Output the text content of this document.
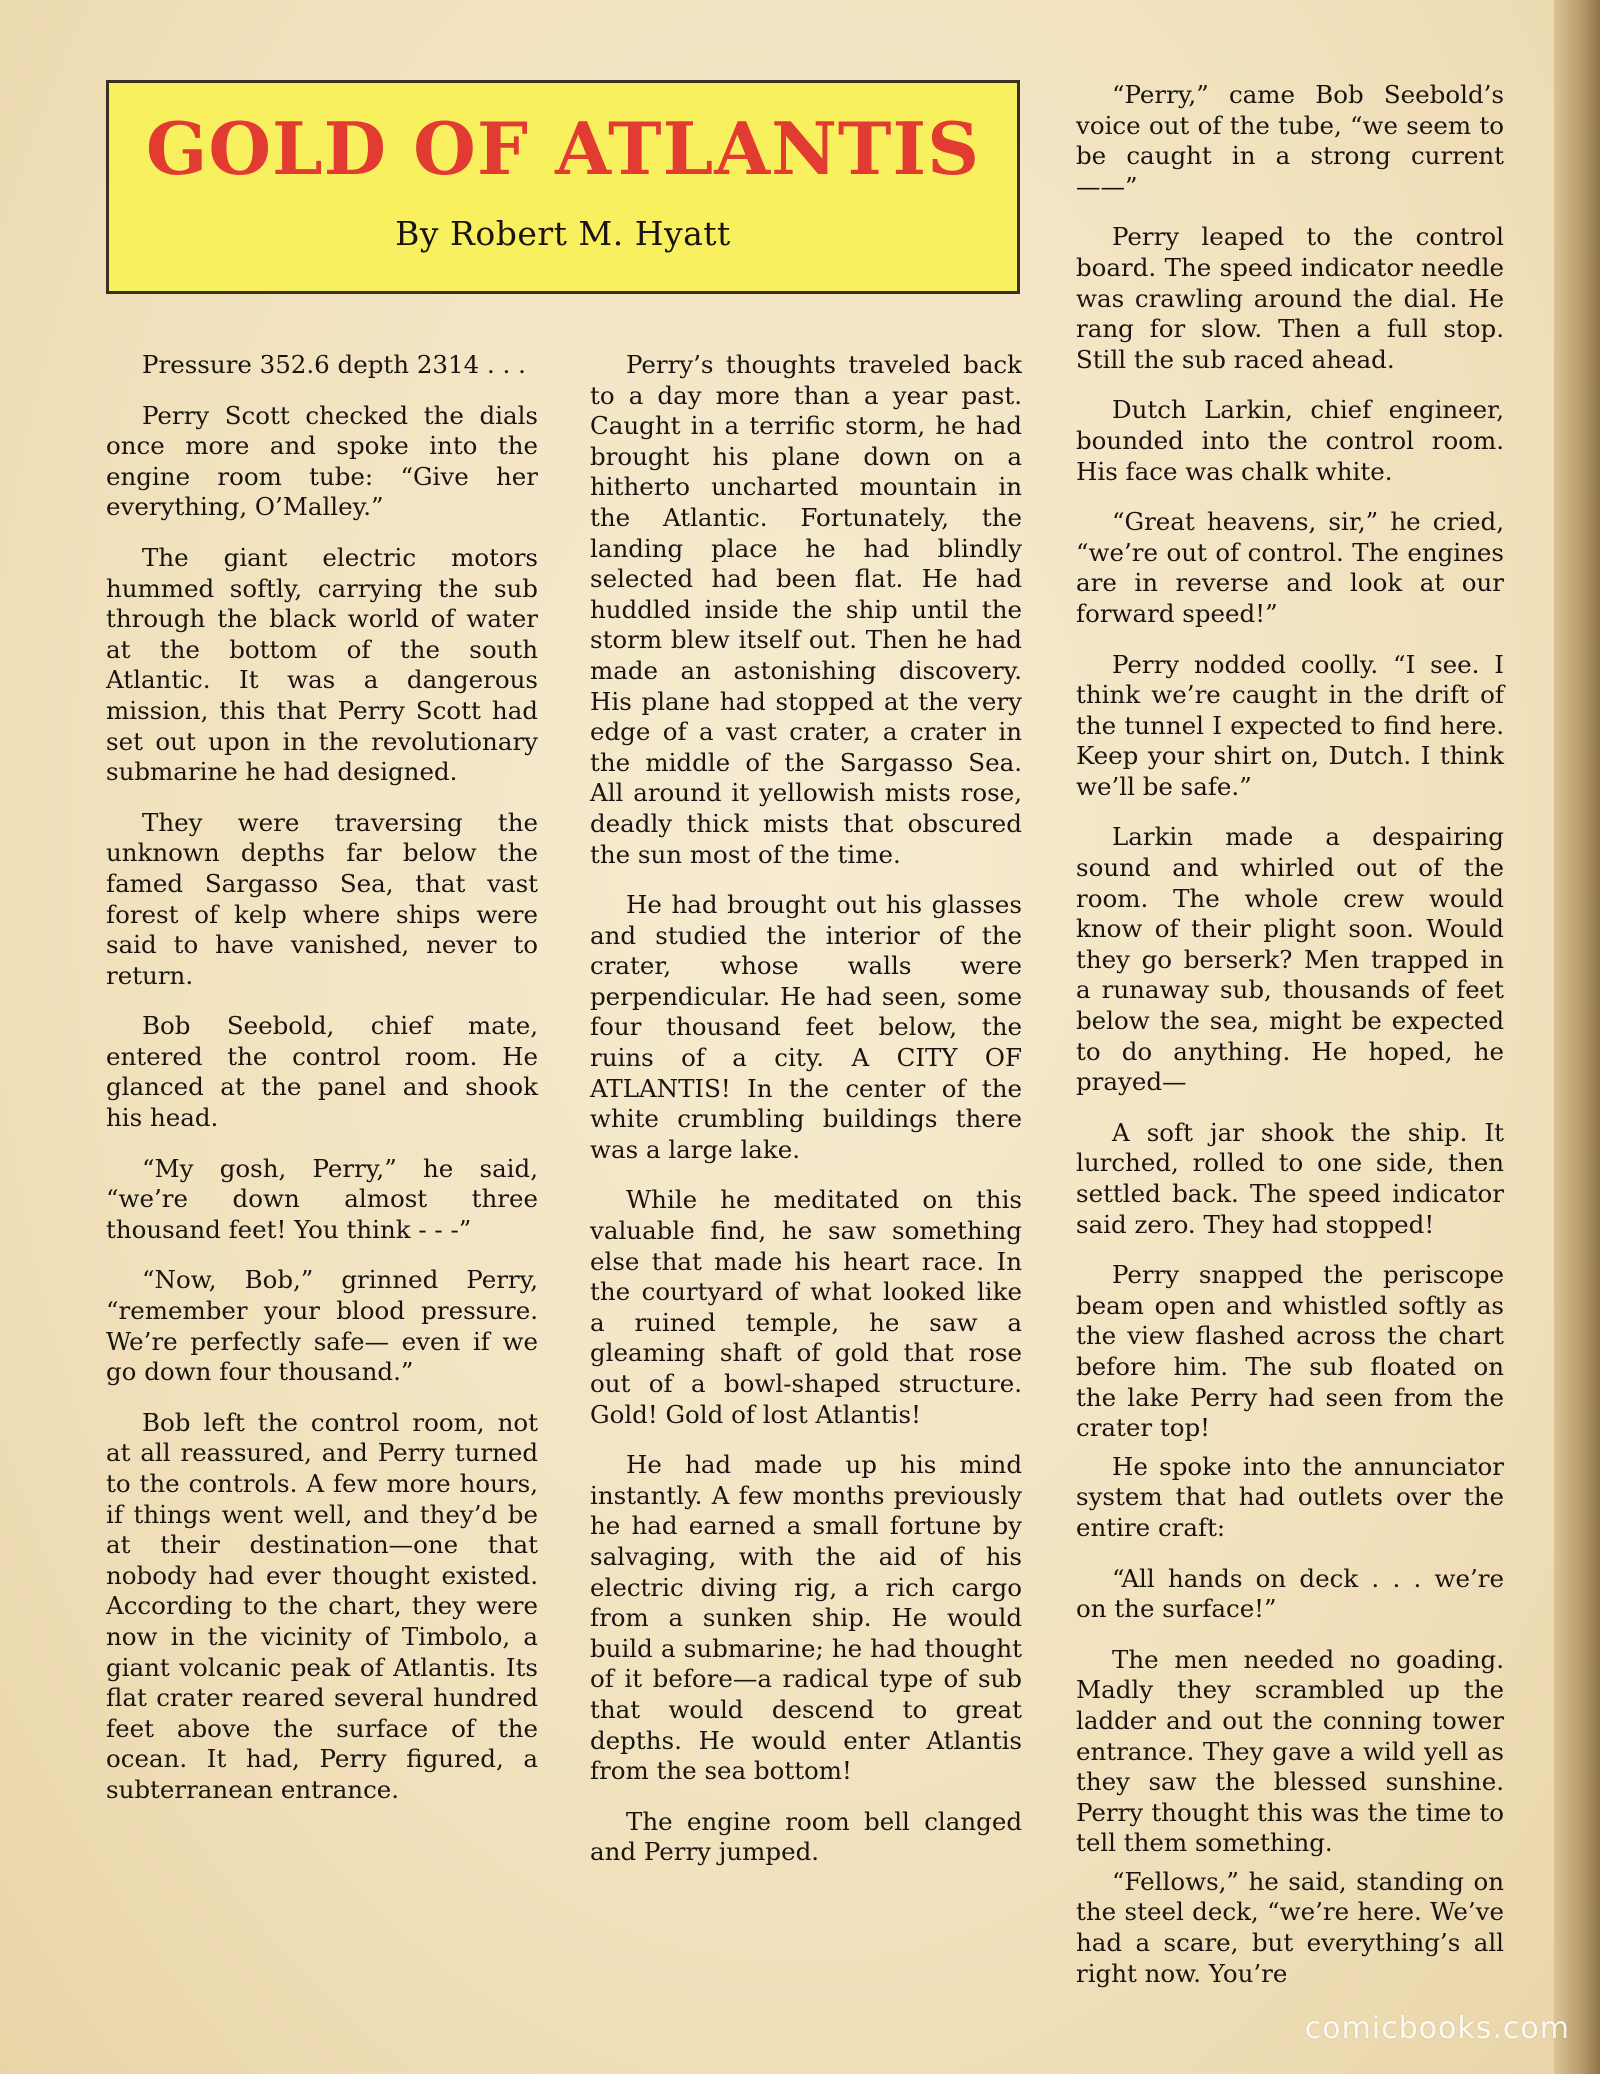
GOLD OF ATLANTIS
By Robert M. Hyatt

Pressure 352.6 depth 2314 . . .

Perry Scott checked the dials once more and spoke into the engine room tube: “Give her everything, O’Malley.”

The giant electric motors hummed softly, carrying the sub through the black world of water at the bottom of the south Atlantic. It was a dangerous mission, this that Perry Scott had set out upon in the revolutionary submarine he had designed.

They were traversing the unknown depths far below the famed Sargasso Sea, that vast forest of kelp where ships were said to have vanished, never to return.

Bob Seebold, chief mate, entered the control room. He glanced at the panel and shook his head.

“My gosh, Perry,” he said, “we’re down almost three thousand feet! You think - - -”

“Now, Bob,” grinned Perry, “remember your blood pressure. We’re perfectly safe— even if we go down four thousand.”

Bob left the control room, not at all reassured, and Perry turned to the controls. A few more hours, if things went well, and they’d be at their destination—one that nobody had ever thought existed. According to the chart, they were now in the vicinity of Timbolo, a giant volcanic peak of Atlantis. Its flat crater reared several hundred feet above the surface of the ocean. It had, Perry figured, a subterranean entrance.

Perry’s thoughts traveled back to a day more than a year past. Caught in a terrific storm, he had brought his plane down on a hitherto uncharted mountain in the Atlantic. Fortunately, the landing place he had blindly selected had been flat. He had huddled inside the ship until the storm blew itself out. Then he had made an astonishing discovery. His plane had stopped at the very edge of a vast crater, a crater in the middle of the Sargasso Sea. All around it yellowish mists rose, deadly thick mists that obscured the sun most of the time.

He had brought out his glasses and studied the interior of the crater, whose walls were perpendicular. He had seen, some four thousand feet below, the ruins of a city. A CITY OF ATLANTIS! In the center of the white crumbling buildings there was a large lake.

While he meditated on this valuable find, he saw something else that made his heart race. In the courtyard of what looked like a ruined temple, he saw a gleaming shaft of gold that rose out of a bowl-shaped structure. Gold! Gold of lost Atlantis!

He had made up his mind instantly. A few months previously he had earned a small fortune by salvaging, with the aid of his electric diving rig, a rich cargo from a sunken ship. He would build a submarine; he had thought of it before—a radical type of sub that would descend to great depths. He would enter Atlantis from the sea bottom!

The engine room bell clanged and Perry jumped.

“Perry,” came Bob Seebold’s voice out of the tube, “we seem to be caught in a strong current ——”

Perry leaped to the control board. The speed indicator needle was crawling around the dial. He rang for slow. Then a full stop. Still the sub raced ahead.

Dutch Larkin, chief engineer, bounded into the control room. His face was chalk white.

“Great heavens, sir,” he cried, “we’re out of control. The engines are in reverse and look at our forward speed!”

Perry nodded coolly. “I see. I think we’re caught in the drift of the tunnel I expected to find here. Keep your shirt on, Dutch. I think we’ll be safe.”

Larkin made a despairing sound and whirled out of the room. The whole crew would know of their plight soon. Would they go berserk? Men trapped in a runaway sub, thousands of feet below the sea, might be expected to do anything. He hoped, he prayed—

A soft jar shook the ship. It lurched, rolled to one side, then settled back. The speed indicator said zero. They had stopped!

Perry snapped the periscope beam open and whistled softly as the view flashed across the chart before him. The sub floated on the lake Perry had seen from the crater top!

He spoke into the annunciator system that had outlets over the entire craft:

“All hands on deck . . . we’re on the surface!”

The men needed no goading. Madly they scrambled up the ladder and out the conning tower entrance. They gave a wild yell as they saw the blessed sunshine. Perry thought this was the time to tell them something.

“Fellows,” he said, standing on the steel deck, “we’re here. We’ve had a scare, but everything’s all right now. You’re

comicbooks.com
